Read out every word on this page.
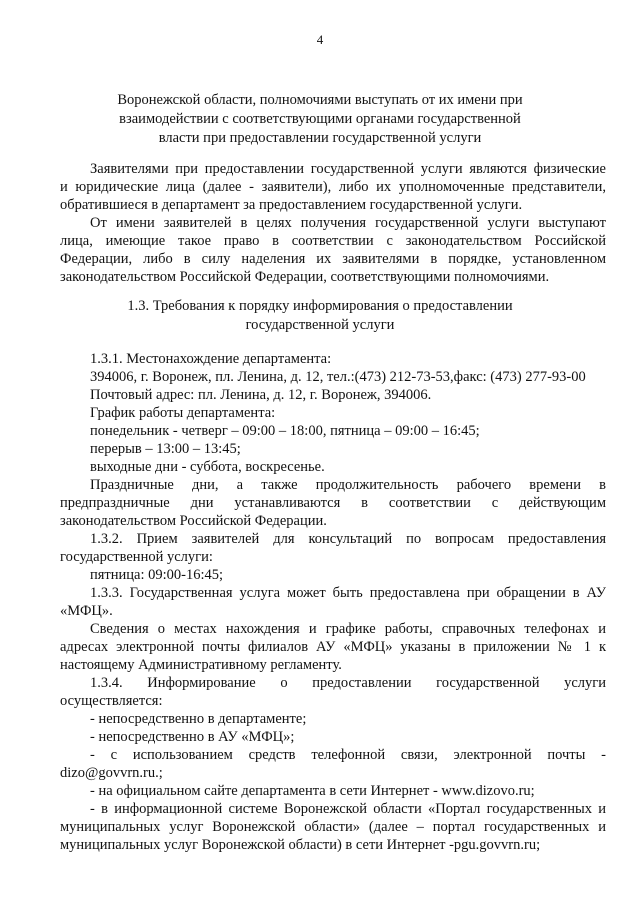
4
Воронежской области, полномочиями выступать от их имени при
взаимодействии с соответствующими органами государственной
власти при предоставлении государственной услуги
Заявителями при предоставлении государственной услуги являются физические
и юридические лица (далее - заявители), либо их уполномоченные представители,
обратившиеся в департамент за предоставлением государственной услуги.
От имени заявителей в целях получения государственной услуги выступают
лица, имеющие такое право в соответствии с законодательством Российской
Федерации, либо в силу наделения их заявителями в порядке, установленном
законодательством Российской Федерации, соответствующими полномочиями.
1.3. Требования к порядку информирования о предоставлении
государственной услуги
1.3.1. Местонахождение департамента:
394006, г. Воронеж, пл. Ленина, д. 12, тел.:(473) 212-73-53,факс: (473) 277-93-00
Почтовый адрес: пл. Ленина, д. 12, г. Воронеж, 394006.
График работы департамента:
понедельник - четверг – 09:00 – 18:00, пятница – 09:00 – 16:45;
перерыв – 13:00 – 13:45;
выходные дни - суббота, воскресенье.
Праздничные дни, а также продолжительность рабочего времени в
предпраздничные дни устанавливаются в соответствии с действующим
законодательством Российской Федерации.
1.3.2. Прием заявителей для консультаций по вопросам предоставления
государственной услуги:
пятница: 09:00-16:45;
1.3.3. Государственная услуга может быть предоставлена при обращении в АУ
«МФЦ».
Сведения о местах нахождения и графике работы, справочных телефонах и
адресах электронной почты филиалов АУ «МФЦ» указаны в приложении № 1 к
настоящему Административному регламенту.
1.3.4. Информирование о предоставлении государственной услуги
осуществляется:
- непосредственно в департаменте;
- непосредственно в АУ «МФЦ»;
- с использованием средств телефонной связи, электронной почты -
dizo@govvrn.ru.;
- на официальном сайте департамента в сети Интернет - www.dizovo.ru;
- в информационной системе Воронежской области «Портал государственных и
муниципальных услуг Воронежской области» (далее – портал государственных и
муниципальных услуг Воронежской области) в сети Интернет -pgu.govvrn.ru;
